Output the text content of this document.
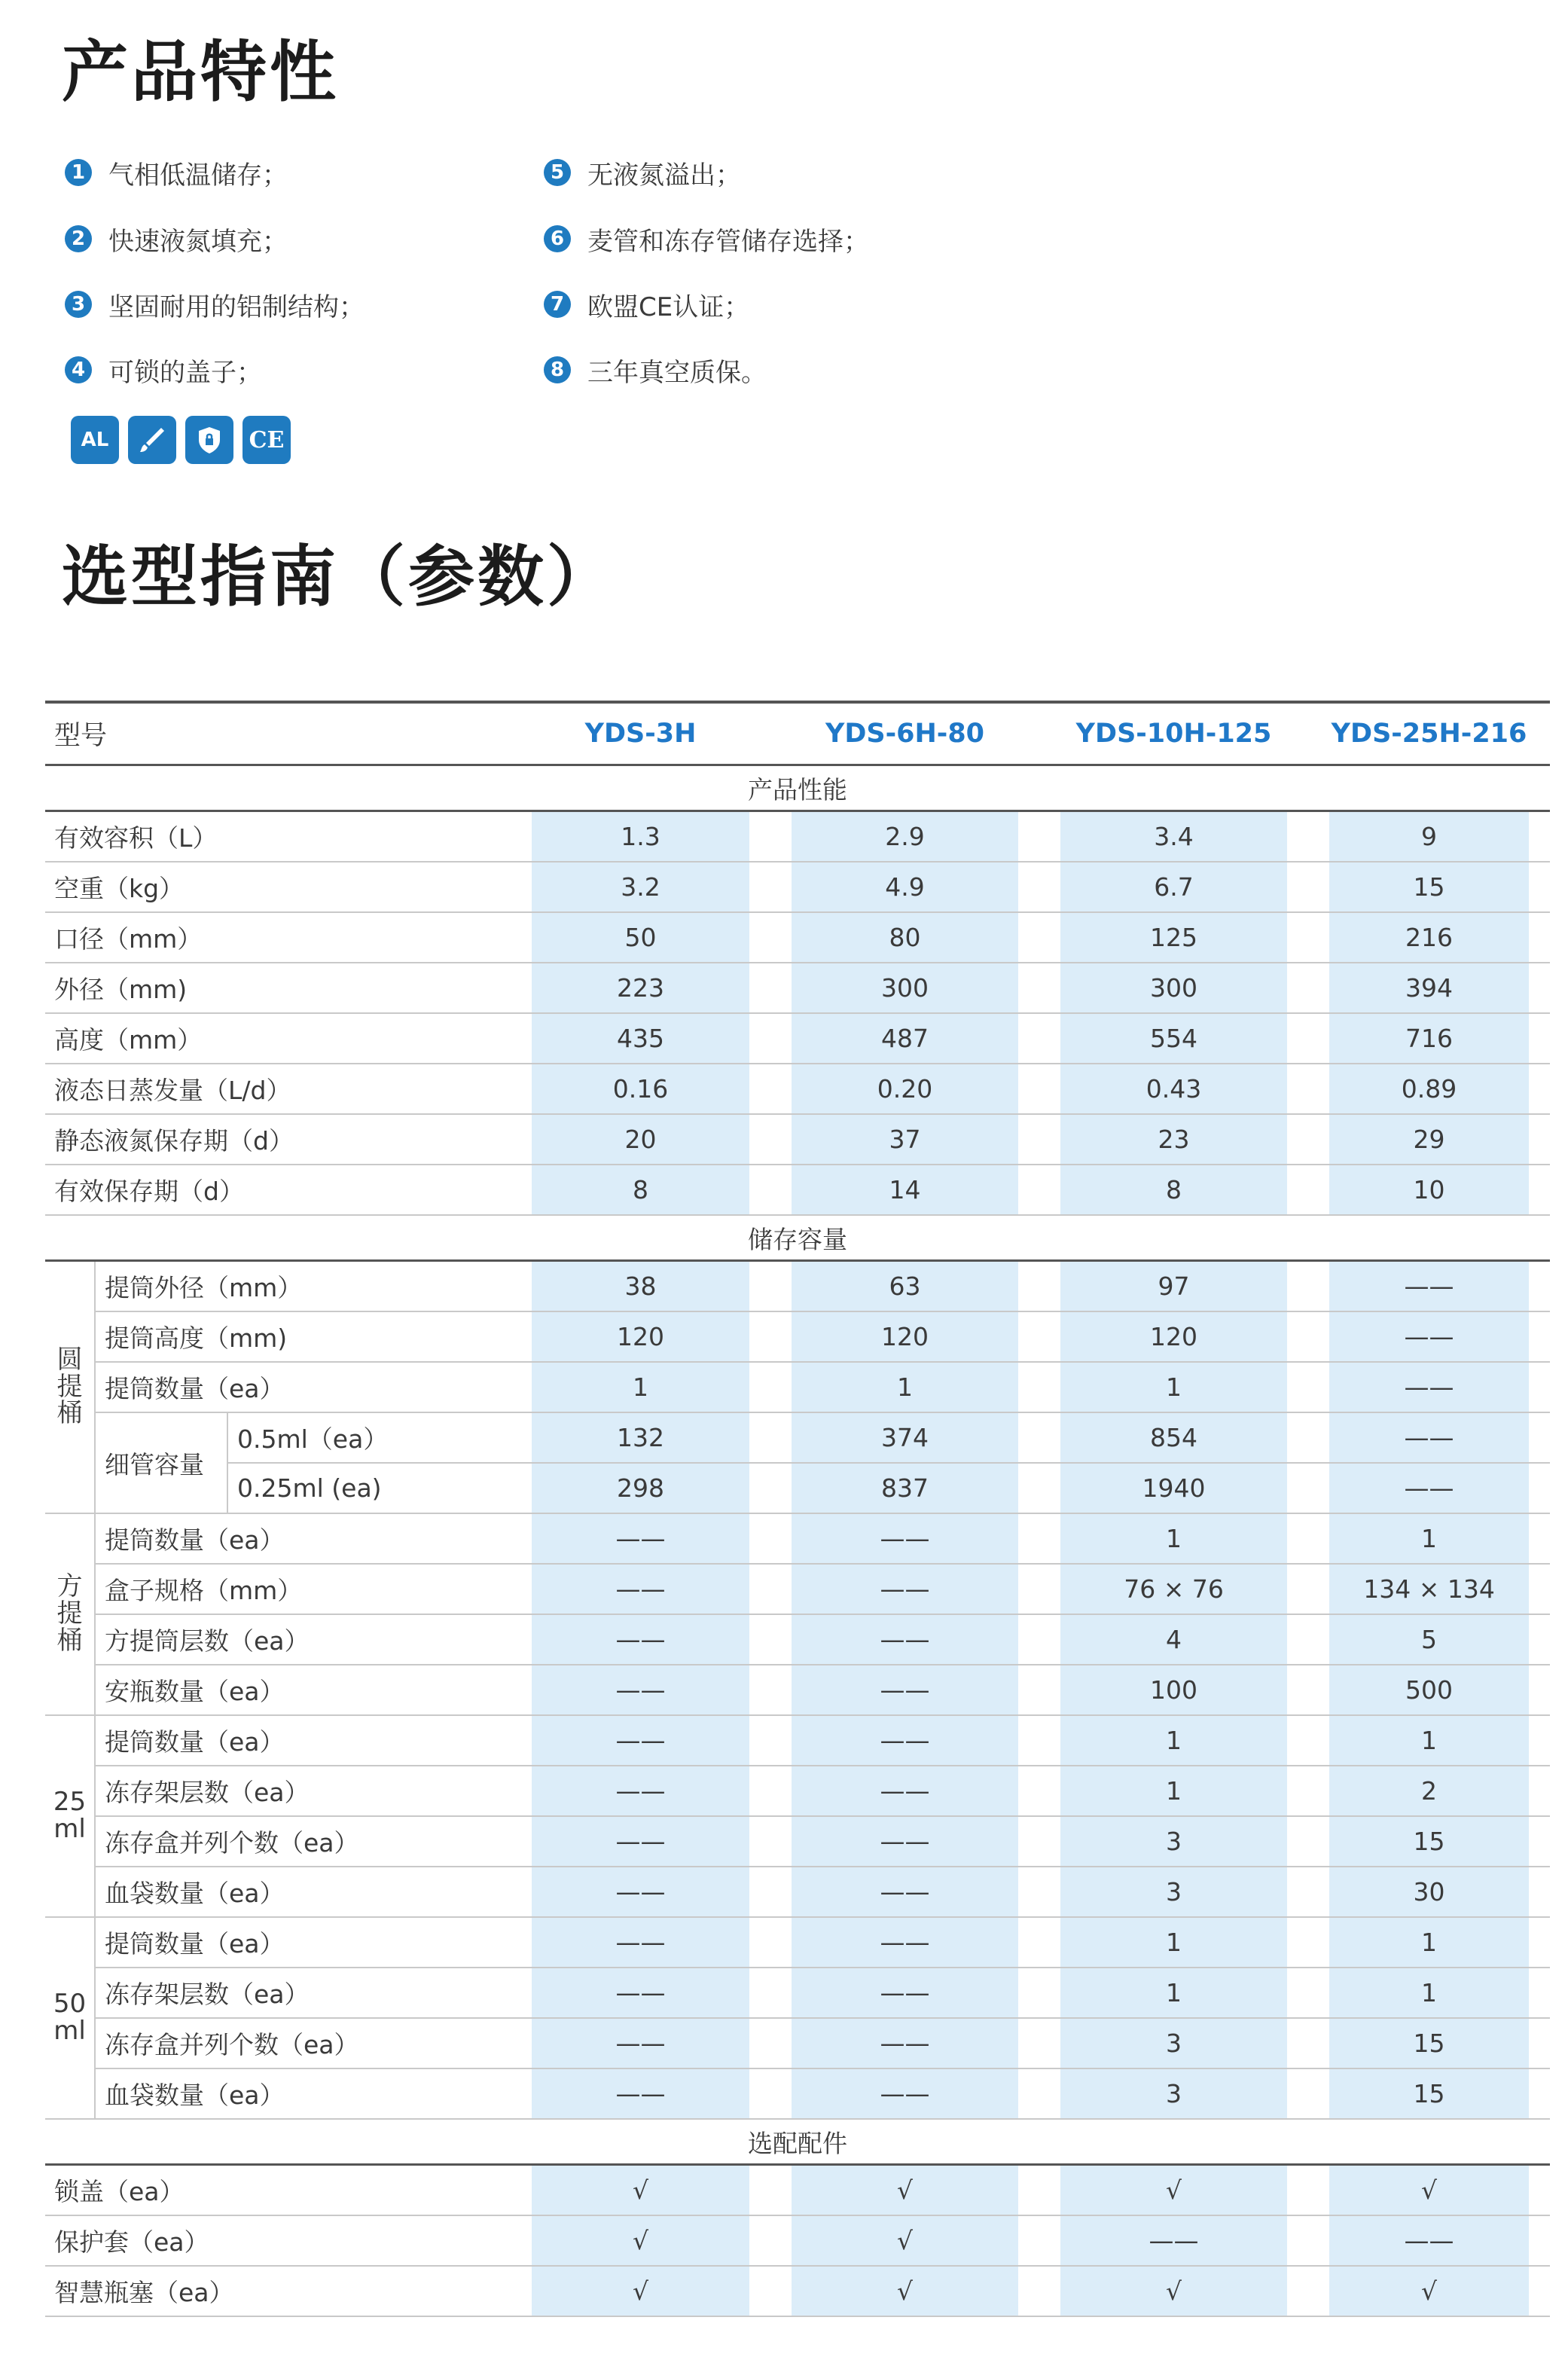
产品特性
1 气相低温储存；
2 快速液氮填充；
3 坚固耐用的铝制结构；
4 可锁的盖子；
5 无液氮溢出；
6 麦管和冻存管储存选择；
7 欧盟CE认证；
8 三年真空质保。
AL	CE
选型指南（参数）
型号			YDS-3H	YDS-6H-80	YDS-10H-125	YDS-25H-216
产品性能						
有效容积（L）			1.3	2.9	3.4	9
空重（kg）			3.2	4.9	6.7	15
口径（mm）			50	80	125	216
外径（mm)			223	300	300	394
高度（mm）			435	487	554	716
液态日蒸发量（L/d）			0.16	0.20	0.43	0.89
静态液氮保存期（d）			20	37	23	29
有效保存期（d）			8	14	8	10
储存容量						
圆提桶	提筒外径（mm）		38	63	97	——
	提筒高度（mm)		120	120	120	——
	提筒数量（ea）		1	1	1	——
	细管容量	0.5ml（ea）	132	374	854	——
		0.25ml (ea)	298	837	1940	——
方提桶	提筒数量（ea）		——	——	1	1
	盒子规格（mm）		——	——	76 × 76	134 × 134
	方提筒层数（ea）		——	——	4	5
	安瓶数量（ea）		——	——	100	500

25
ml	提筒数量（ea）		——	——	1	1
	冻存架层数（ea）		——	——	1	2
	冻存盒并列个数（ea）		——	——	3	15
	血袋数量（ea）		——	——	3	30

50
ml	提筒数量（ea）		——	——	1	1
	冻存架层数（ea）		——	——	1	1
	冻存盒并列个数（ea）		——	——	3	15
	血袋数量（ea）		——	——	3	15
选配配件						
锁盖（ea）			√	√	√	√
保护套（ea）			√	√	——	——
智慧瓶塞（ea）			√	√	√	√
